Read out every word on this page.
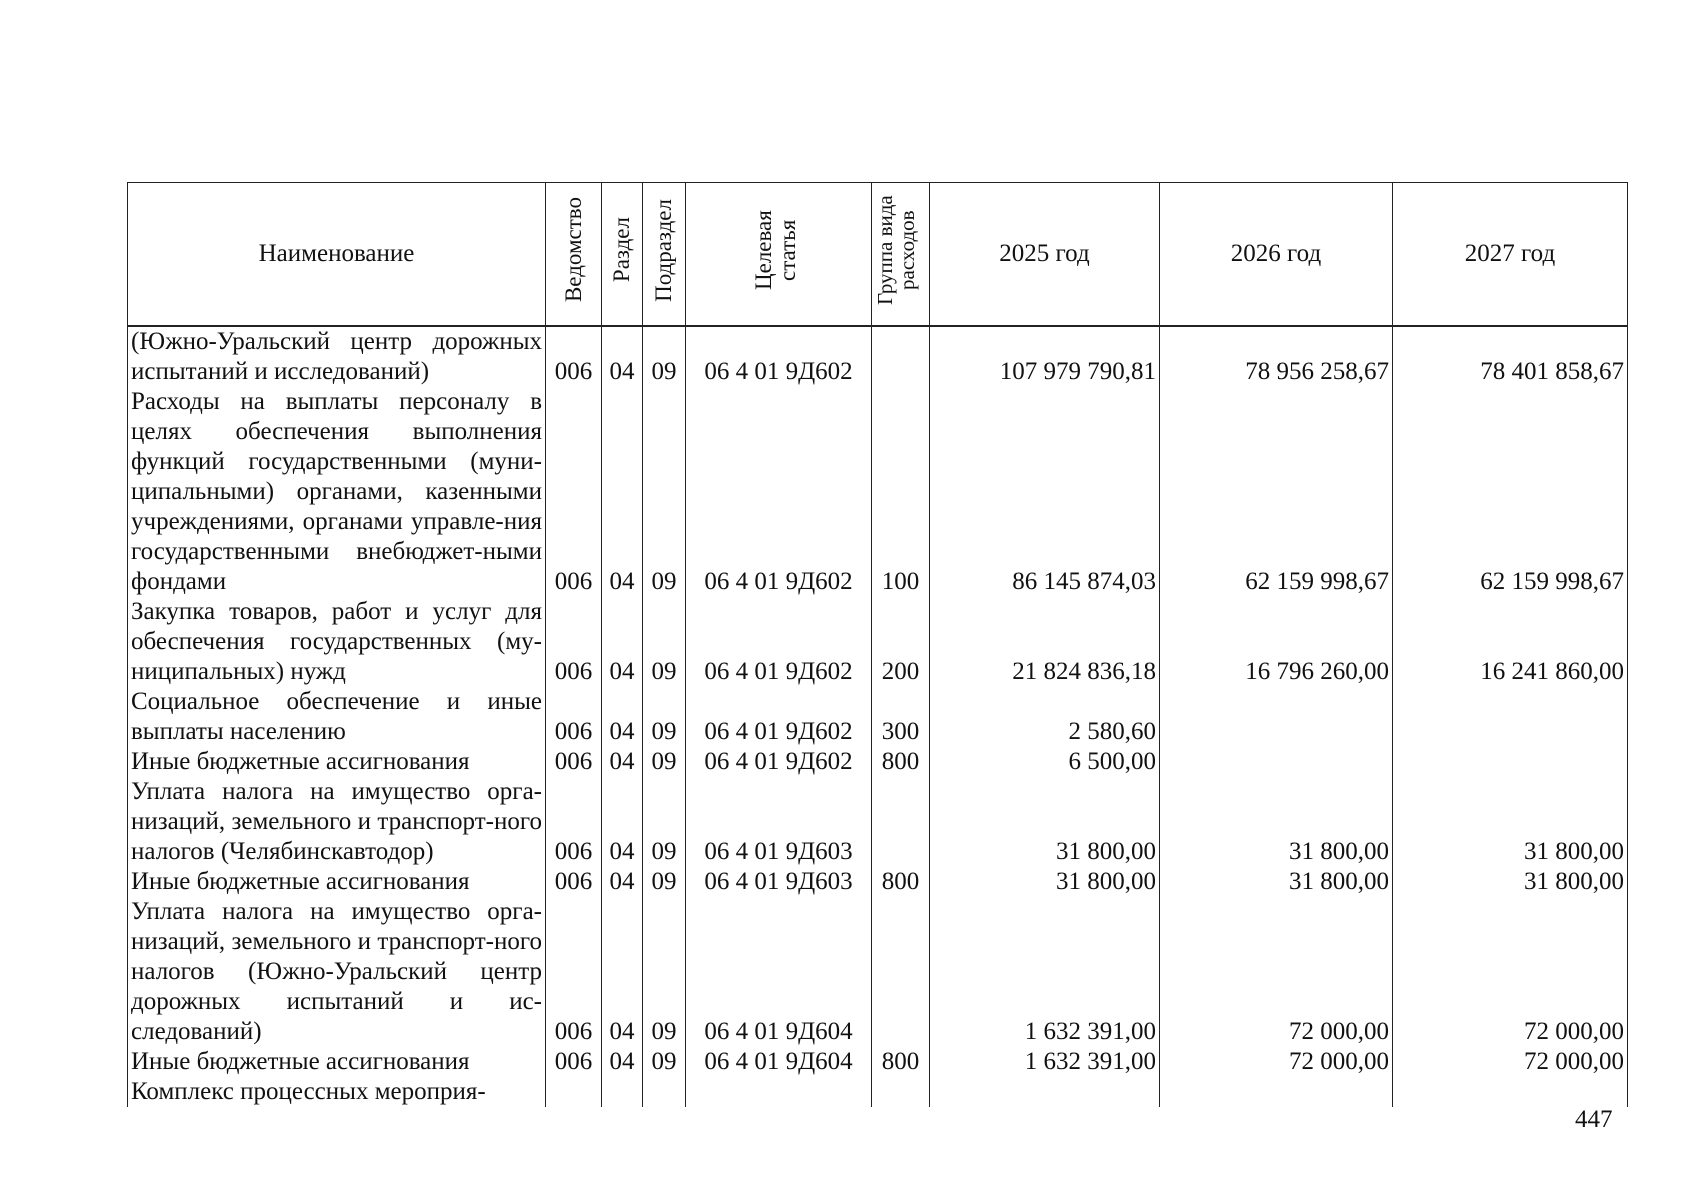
Наименование	Ведомство	Раздел	Подраздел	Целевая статья	Группа вида расходов	2025 год	2026 год	2027 год
(Южно-Уральский центр дорожных испытаний и исследований)	006	04	09	06 4 01 9Д602		107 979 790,81	78 956 258,67	78 401 858,67
Расходы на выплаты персоналу в целях обеспечения выполнения функций государственными (муни-ципальными) органами, казенными учреждениями, органами управле-ния государственными внебюджет-ными фондами	006	04	09	06 4 01 9Д602	100	86 145 874,03	62 159 998,67	62 159 998,67
Закупка товаров, работ и услуг для обеспечения государственных (му-ниципальных) нужд	006	04	09	06 4 01 9Д602	200	21 824 836,18	16 796 260,00	16 241 860,00
Социальное обеспечение и иные выплаты населению	006	04	09	06 4 01 9Д602	300	2 580,60		
Иные бюджетные ассигнования	006	04	09	06 4 01 9Д602	800	6 500,00		
Уплата налога на имущество орга-низаций, земельного и транспорт-ного налогов (Челябинскавтодор)	006	04	09	06 4 01 9Д603		31 800,00	31 800,00	31 800,00
Иные бюджетные ассигнования	006	04	09	06 4 01 9Д603	800	31 800,00	31 800,00	31 800,00
Уплата налога на имущество орга-низаций, земельного и транспорт-ного налогов (Южно-Уральский центр дорожных испытаний и ис-следований)	006	04	09	06 4 01 9Д604		1 632 391,00	72 000,00	72 000,00
Иные бюджетные ассигнования	006	04	09	06 4 01 9Д604	800	1 632 391,00	72 000,00	72 000,00
Комплекс процессных мероприя-								
447
